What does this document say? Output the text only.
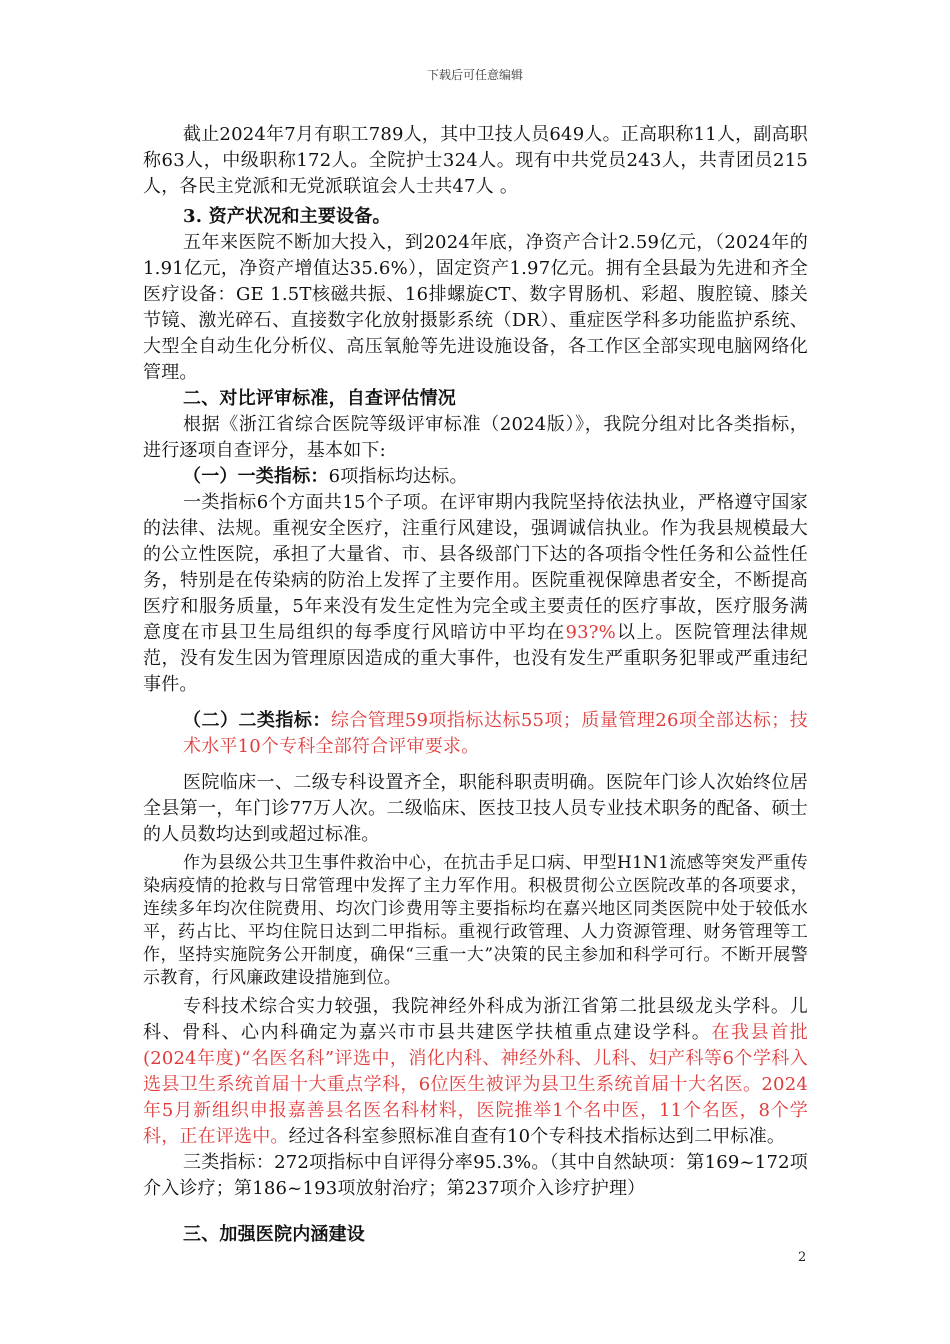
下载后可任意编辑

截止2024年7月有职工789人，其中卫技人员649人。正高职称11人，副高职称63人，中级职称172人。全院护士324人。现有中共党员243人，共青团员215人，各民主党派和无党派联谊会人士共47人 。

3. 资产状况和主要设备。

五年来医院不断加大投入，到2024年底，净资产合计2.59亿元，（2024年的1.91亿元，净资产增值达35.6%），固定资产1.97亿元。拥有全县最为先进和齐全医疗设备：GE 1.5T核磁共振、16排螺旋CT、数字胃肠机、彩超、腹腔镜、膝关节镜、激光碎石、直接数字化放射摄影系统（DR）、重症医学科多功能监护系统、大型全自动生化分析仪、高压氧舱等先进设施设备，各工作区全部实现电脑网络化管理。

二、对比评审标准，自查评估情况

根据《浙江省综合医院等级评审标准（2024版）》，我院分组对比各类指标，进行逐项自查评分，基本如下:

（一）一类指标：6项指标均达标。

一类指标6个方面共15个子项。在评审期内我院坚持依法执业，严格遵守国家的法律、法规。重视安全医疗，注重行风建设，强调诚信执业。作为我县规模最大的公立性医院，承担了大量省、市、县各级部门下达的各项指令性任务和公益性任务，特别是在传染病的防治上发挥了主要作用。医院重视保障患者安全，不断提高医疗和服务质量，5年来没有发生定性为完全或主要责任的医疗事故，医疗服务满意度在市县卫生局组织的每季度行风暗访中平均在93?%以上。医院管理法律规范，没有发生因为管理原因造成的重大事件，也没有发生严重职务犯罪或严重违纪事件。

（二）二类指标：综合管理59项指标达标55项；质量管理26项全部达标；技术水平10个专科全部符合评审要求。

医院临床一、二级专科设置齐全，职能科职责明确。医院年门诊人次始终位居全县第一，年门诊77万人次。二级临床、医技卫技人员专业技术职务的配备、硕士的人员数均达到或超过标准。

作为县级公共卫生事件救治中心，在抗击手足口病、甲型H1N1流感等突发严重传染病疫情的抢救与日常管理中发挥了主力军作用。积极贯彻公立医院改革的各项要求，连续多年均次住院费用、均次门诊费用等主要指标均在嘉兴地区同类医院中处于较低水平，药占比、平均住院日达到二甲指标。重视行政管理、人力资源管理、财务管理等工作，坚持实施院务公开制度，确保“三重一大”决策的民主参加和科学可行。不断开展警示教育，行风廉政建设措施到位。

专科技术综合实力较强，我院神经外科成为浙江省第二批县级龙头学科。儿科、骨科、心内科确定为嘉兴市市县共建医学扶植重点建设学科。在我县首批(2024年度)“名医名科”评选中，消化内科、神经外科、儿科、妇产科等6个学科入选县卫生系统首届十大重点学科，6位医生被评为县卫生系统首届十大名医。2024年5月新组织申报嘉善县名医名科材料，医院推举1个名中医，11个名医，8个学科，正在评选中。经过各科室参照标准自查有10个专科技术指标达到二甲标准。

三类指标：272项指标中自评得分率95.3%。（其中自然缺项：第169~172项介入诊疗；第186~193项放射治疗；第237项介入诊疗护理）

三、加强医院内涵建设

2
